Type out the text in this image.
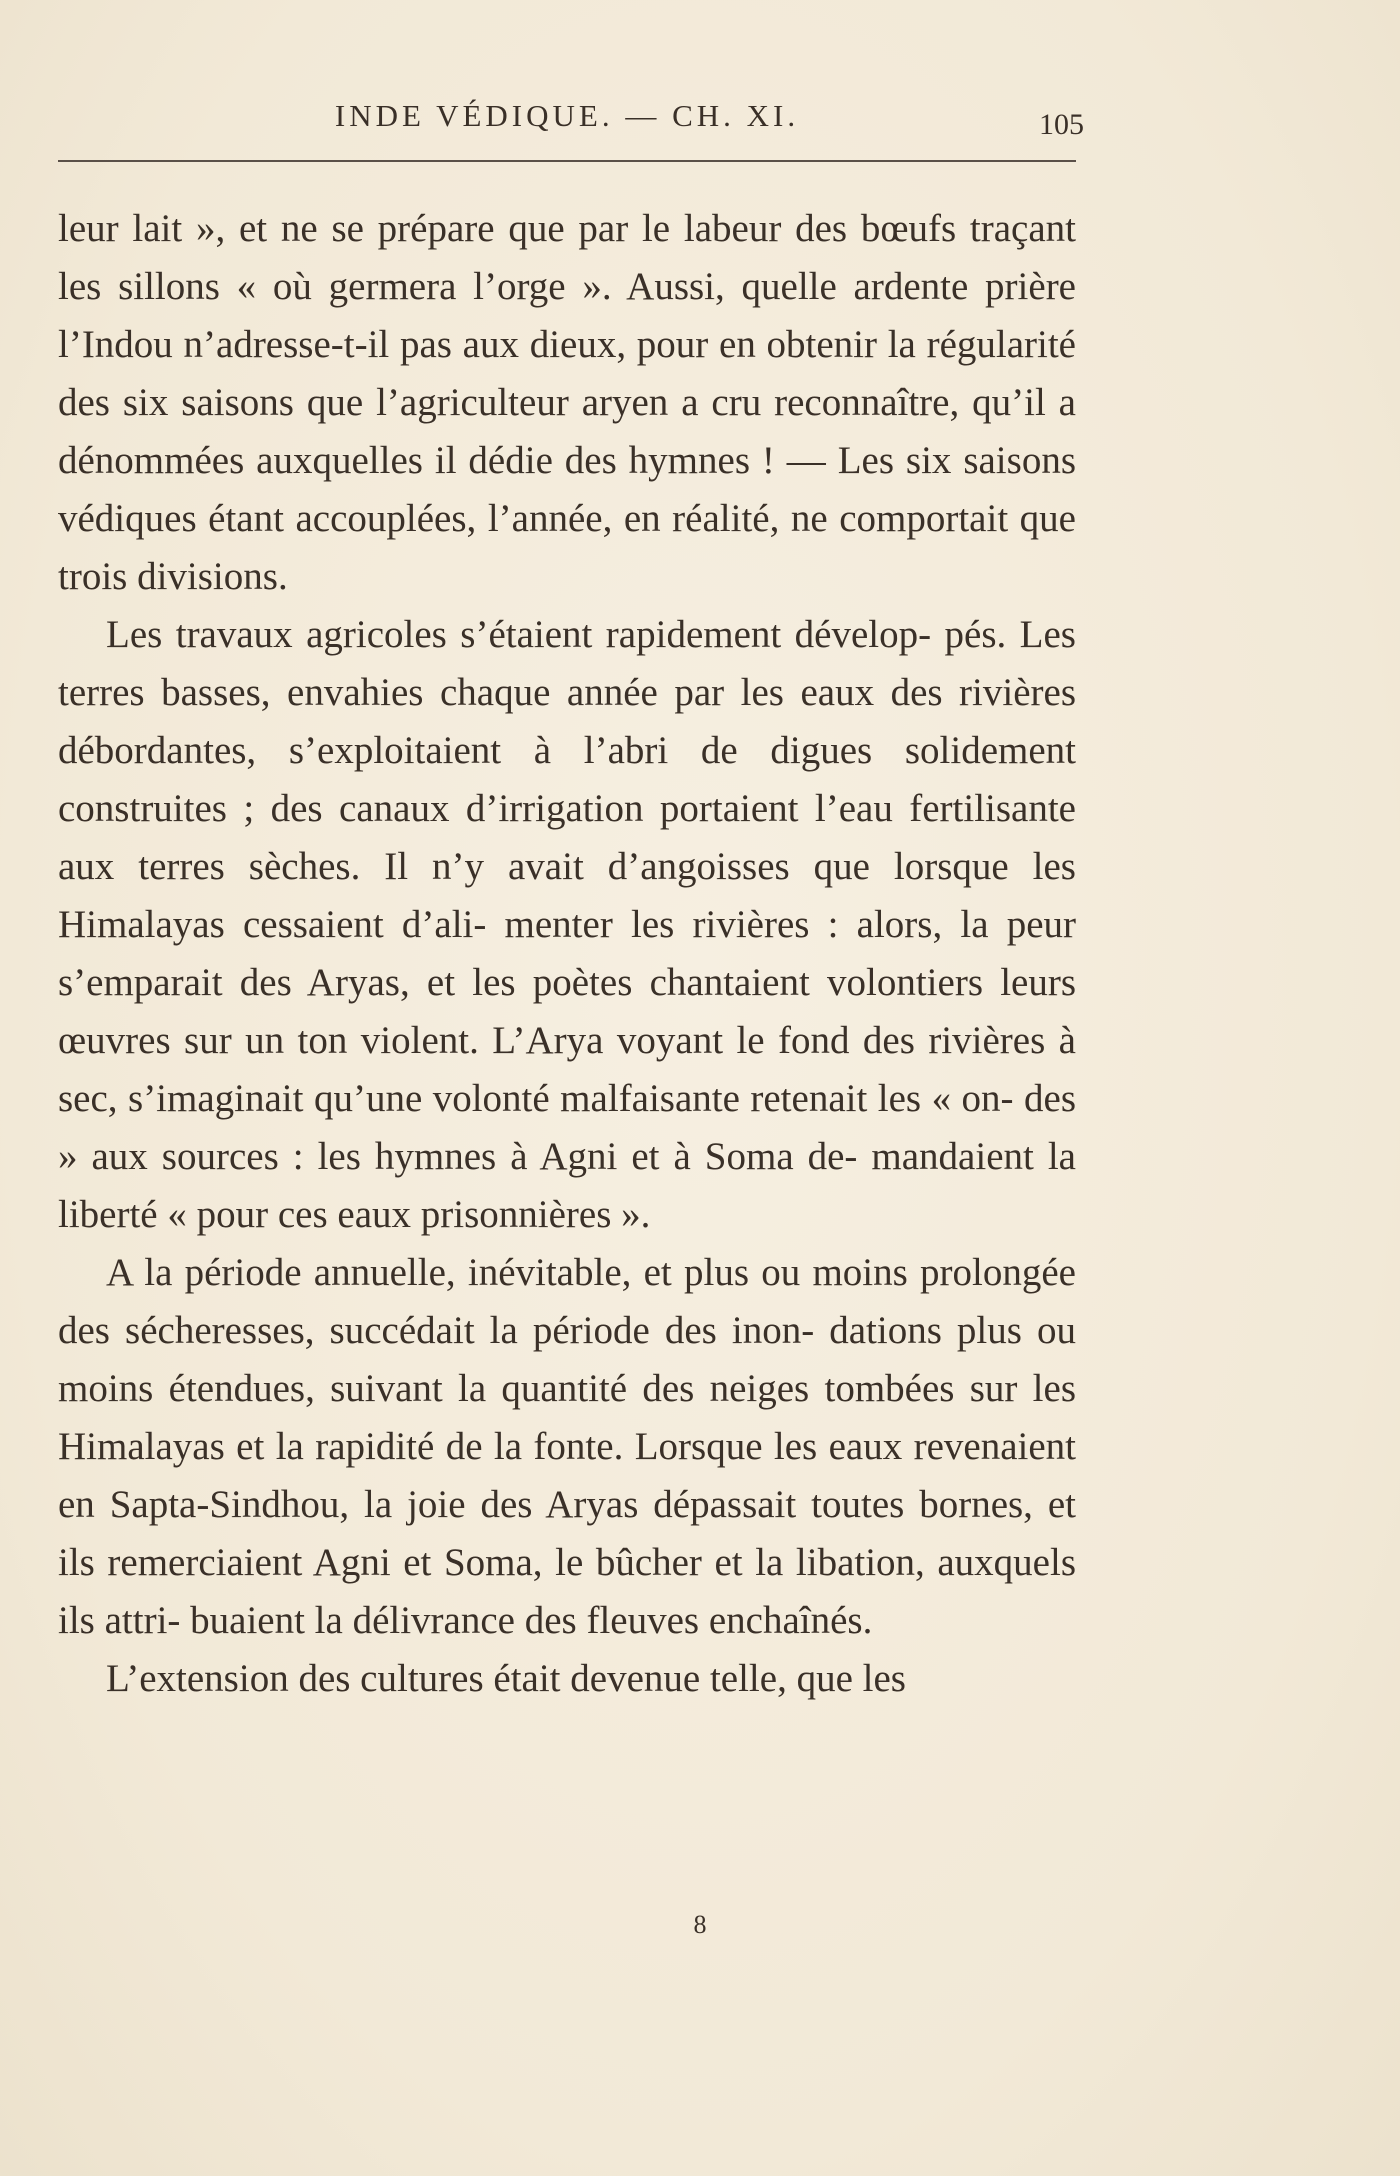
INDE VÉDIQUE. — CH. XI.	105

leur lait », et ne se prépare que par le labeur des bœufs traçant les sillons « où germera l’orge ». Aussi, quelle ardente prière l’Indou n’adresse-t-il pas aux dieux, pour en obtenir la régularité des six saisons que l’agriculteur aryen a cru reconnaître, qu’il a dénommées auxquelles il dédie des hymnes ! — Les six saisons védiques étant accouplées, l’année, en réalité, ne comportait que trois divisions.

Les travaux agricoles s’étaient rapidement dévelop- pés. Les terres basses, envahies chaque année par les eaux des rivières débordantes, s’exploitaient à l’abri de digues solidement construites ; des canaux d’irrigation portaient l’eau fertilisante aux terres sèches. Il n’y avait d’angoisses que lorsque les Himalayas cessaient d’ali- menter les rivières : alors, la peur s’emparait des Aryas, et les poètes chantaient volontiers leurs œuvres sur un ton violent. L’Arya voyant le fond des rivières à sec, s’imaginait qu’une volonté malfaisante retenait les « on- des » aux sources : les hymnes à Agni et à Soma de- mandaient la liberté « pour ces eaux prisonnières ».

A la période annuelle, inévitable, et plus ou moins prolongée des sécheresses, succédait la période des inon- dations plus ou moins étendues, suivant la quantité des neiges tombées sur les Himalayas et la rapidité de la fonte. Lorsque les eaux revenaient en Sapta-Sindhou, la joie des Aryas dépassait toutes bornes, et ils remerciaient Agni et Soma, le bûcher et la libation, auxquels ils attri- buaient la délivrance des fleuves enchaînés.

L’extension des cultures était devenue telle, que les

8
